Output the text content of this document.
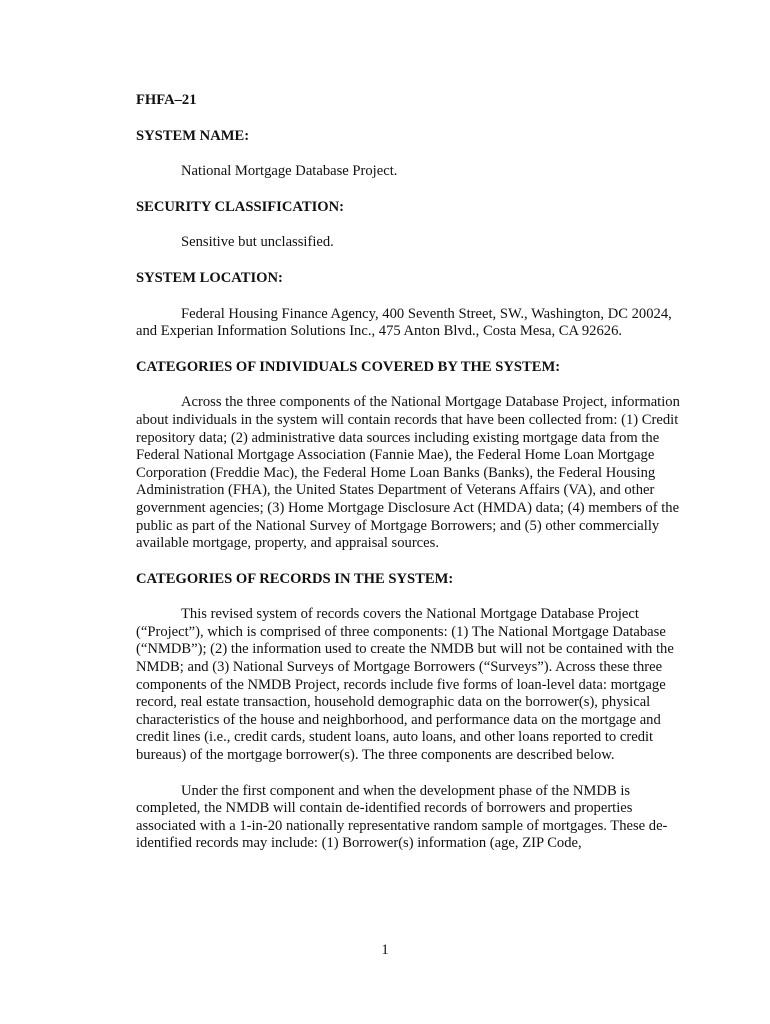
FHFA–21

SYSTEM NAME:

National Mortgage Database Project.

SECURITY CLASSIFICATION:

Sensitive but unclassified.

SYSTEM LOCATION:

Federal Housing Finance Agency, 400 Seventh Street, SW., Washington, DC 20024, and Experian Information Solutions Inc., 475 Anton Blvd., Costa Mesa, CA 92626.

CATEGORIES OF INDIVIDUALS COVERED BY THE SYSTEM:

Across the three components of the National Mortgage Database Project, information about individuals in the system will contain records that have been collected from: (1) Credit repository data; (2) administrative data sources including existing mortgage data from the Federal National Mortgage Association (Fannie Mae), the Federal Home Loan Mortgage Corporation (Freddie Mac), the Federal Home Loan Banks (Banks), the Federal Housing Administration (FHA), the United States Department of Veterans Affairs (VA), and other government agencies; (3) Home Mortgage Disclosure Act (HMDA) data; (4) members of the public as part of the National Survey of Mortgage Borrowers; and (5) other commercially available mortgage, property, and appraisal sources.

CATEGORIES OF RECORDS IN THE SYSTEM:

This revised system of records covers the National Mortgage Database Project (“Project”), which is comprised of three components: (1) The National Mortgage Database (“NMDB”); (2) the information used to create the NMDB but will not be contained with the NMDB; and (3) National Surveys of Mortgage Borrowers (“Surveys”). Across these three components of the NMDB Project, records include five forms of loan-level data: mortgage record, real estate transaction, household demographic data on the borrower(s), physical characteristics of the house and neighborhood, and performance data on the mortgage and credit lines (i.e., credit cards, student loans, auto loans, and other loans reported to credit bureaus) of the mortgage borrower(s). The three components are described below.

Under the first component and when the development phase of the NMDB is completed, the NMDB will contain de-identified records of borrowers and properties associated with a 1-in-20 nationally representative random sample of mortgages. These de-identified records may include: (1) Borrower(s) information (age, ZIP Code,

1
